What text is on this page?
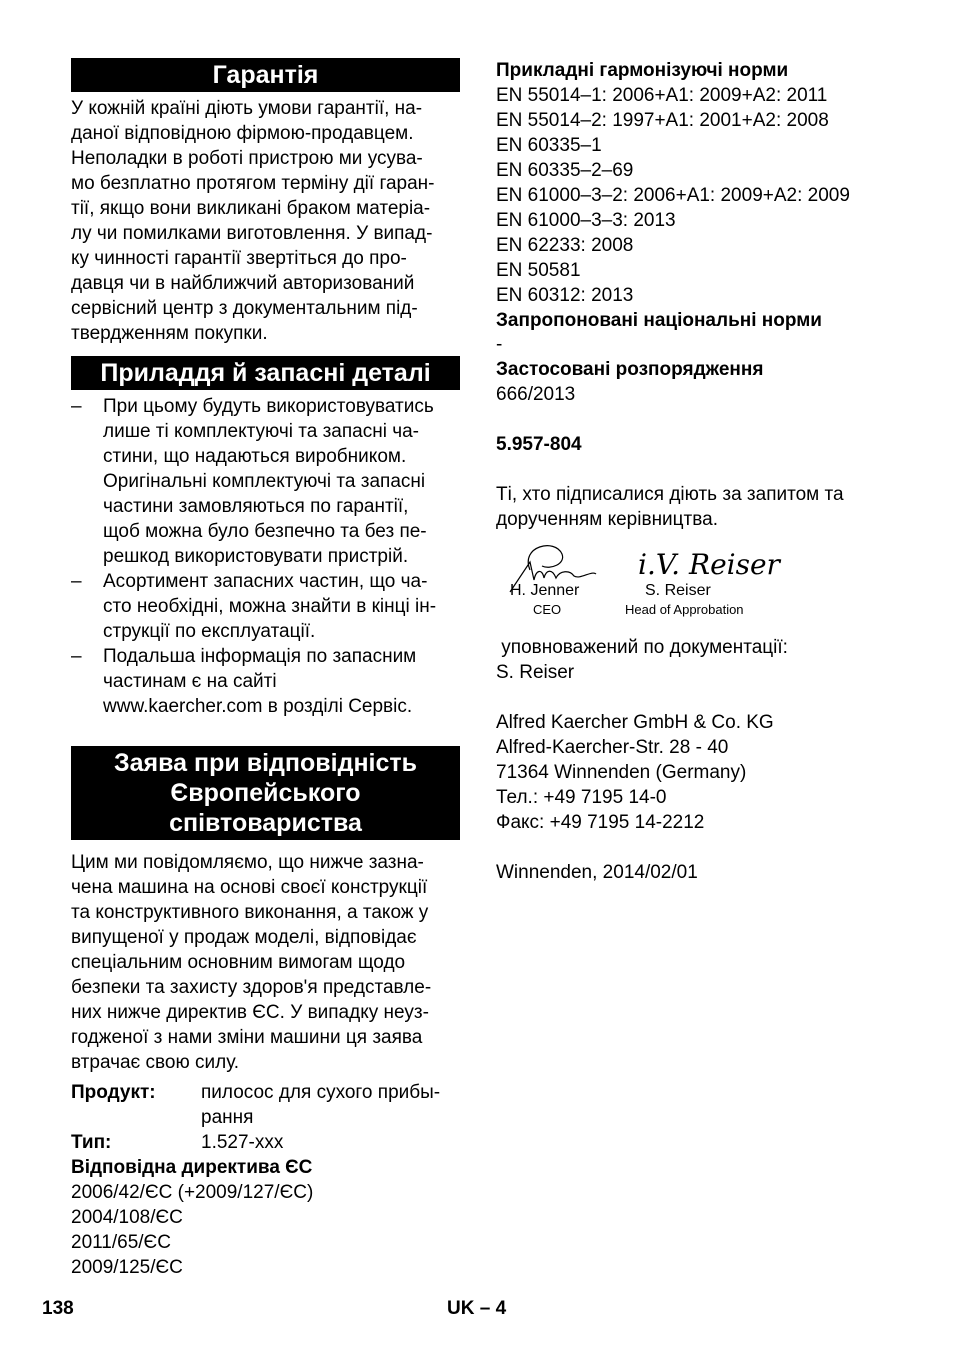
Гарантія
У кожній країні діють умови гарантії, на-
даної відповідною фірмою-продавцем.
Неполадки в роботі пристрою ми усува-
мо безплатно протягом терміну дії гаран-
тії, якщо вони викликані браком матеріа-
лу чи помилками виготовлення. У випад-
ку чинності гарантії звертіться до про-
давця чи в найближчий авторизований
сервісний центр з документальним під-
твердженням покупки.
Приладдя й запасні деталі
– При цьому будуть використовуватись
лише ті комплектуючі та запасні ча-
стини, що надаються виробником.
Оригінальні комплектуючі та запасні
частини замовляються по гарантії,
щоб можна було безпечно та без пе-
решкод використовувати пристрій.
– Асортимент запасних частин, що ча-
сто необхідні, можна знайти в кінці ін-
струкції по експлуатації.
– Подальша інформація по запасним
частинам є на сайті
www.kaercher.com в розділі Сервіс.
Заява при відповідність
Європейського
співтовариства
Цим ми повідомляємо, що нижче зазна-
чена машина на основі своєї конструкції
та конструктивного виконання, а також у
випущеної у продаж моделі, відповідає
спеціальним основним вимогам щодо
безпеки та захисту здоров'я представле-
них нижче директив ЄС. У випадку неуз-
годженої з нами зміни машини ця заява
втрачає свою силу.
Продукт:	пилосос для сухого прибы-
рання
Тип:	1.527-xxx
Відповідна директива ЄС
2006/42/ЄС (+2009/127/ЄС)
2004/108/ЄС
2011/65/ЄС
2009/125/ЄС
Прикладні гармонізуючі норми
EN 55014–1: 2006+A1: 2009+A2: 2011
EN 55014–2: 1997+A1: 2001+A2: 2008
EN 60335–1
EN 60335–2–69
EN 61000–3–2: 2006+A1: 2009+A2: 2009
EN 61000–3–3: 2013
EN 62233: 2008
EN 50581
EN 60312: 2013
Запропоновані національні норми
-
Застосовані розпорядження
666/2013
5.957-804
Ті, хто підписалися діють за запитом та
дорученням керівництва.
i.V. Reiser
H. Jenner
CEO
S. Reiser
Head of Approbation
уповноважений по документації:
S. Reiser
Alfred Kaercher GmbH & Co. KG
Alfred-Kaercher-Str. 28 - 40
71364 Winnenden (Germany)
Тел.: +49 7195 14-0
Факс: +49 7195 14-2212
Winnenden, 2014/02/01
138	UK – 4
